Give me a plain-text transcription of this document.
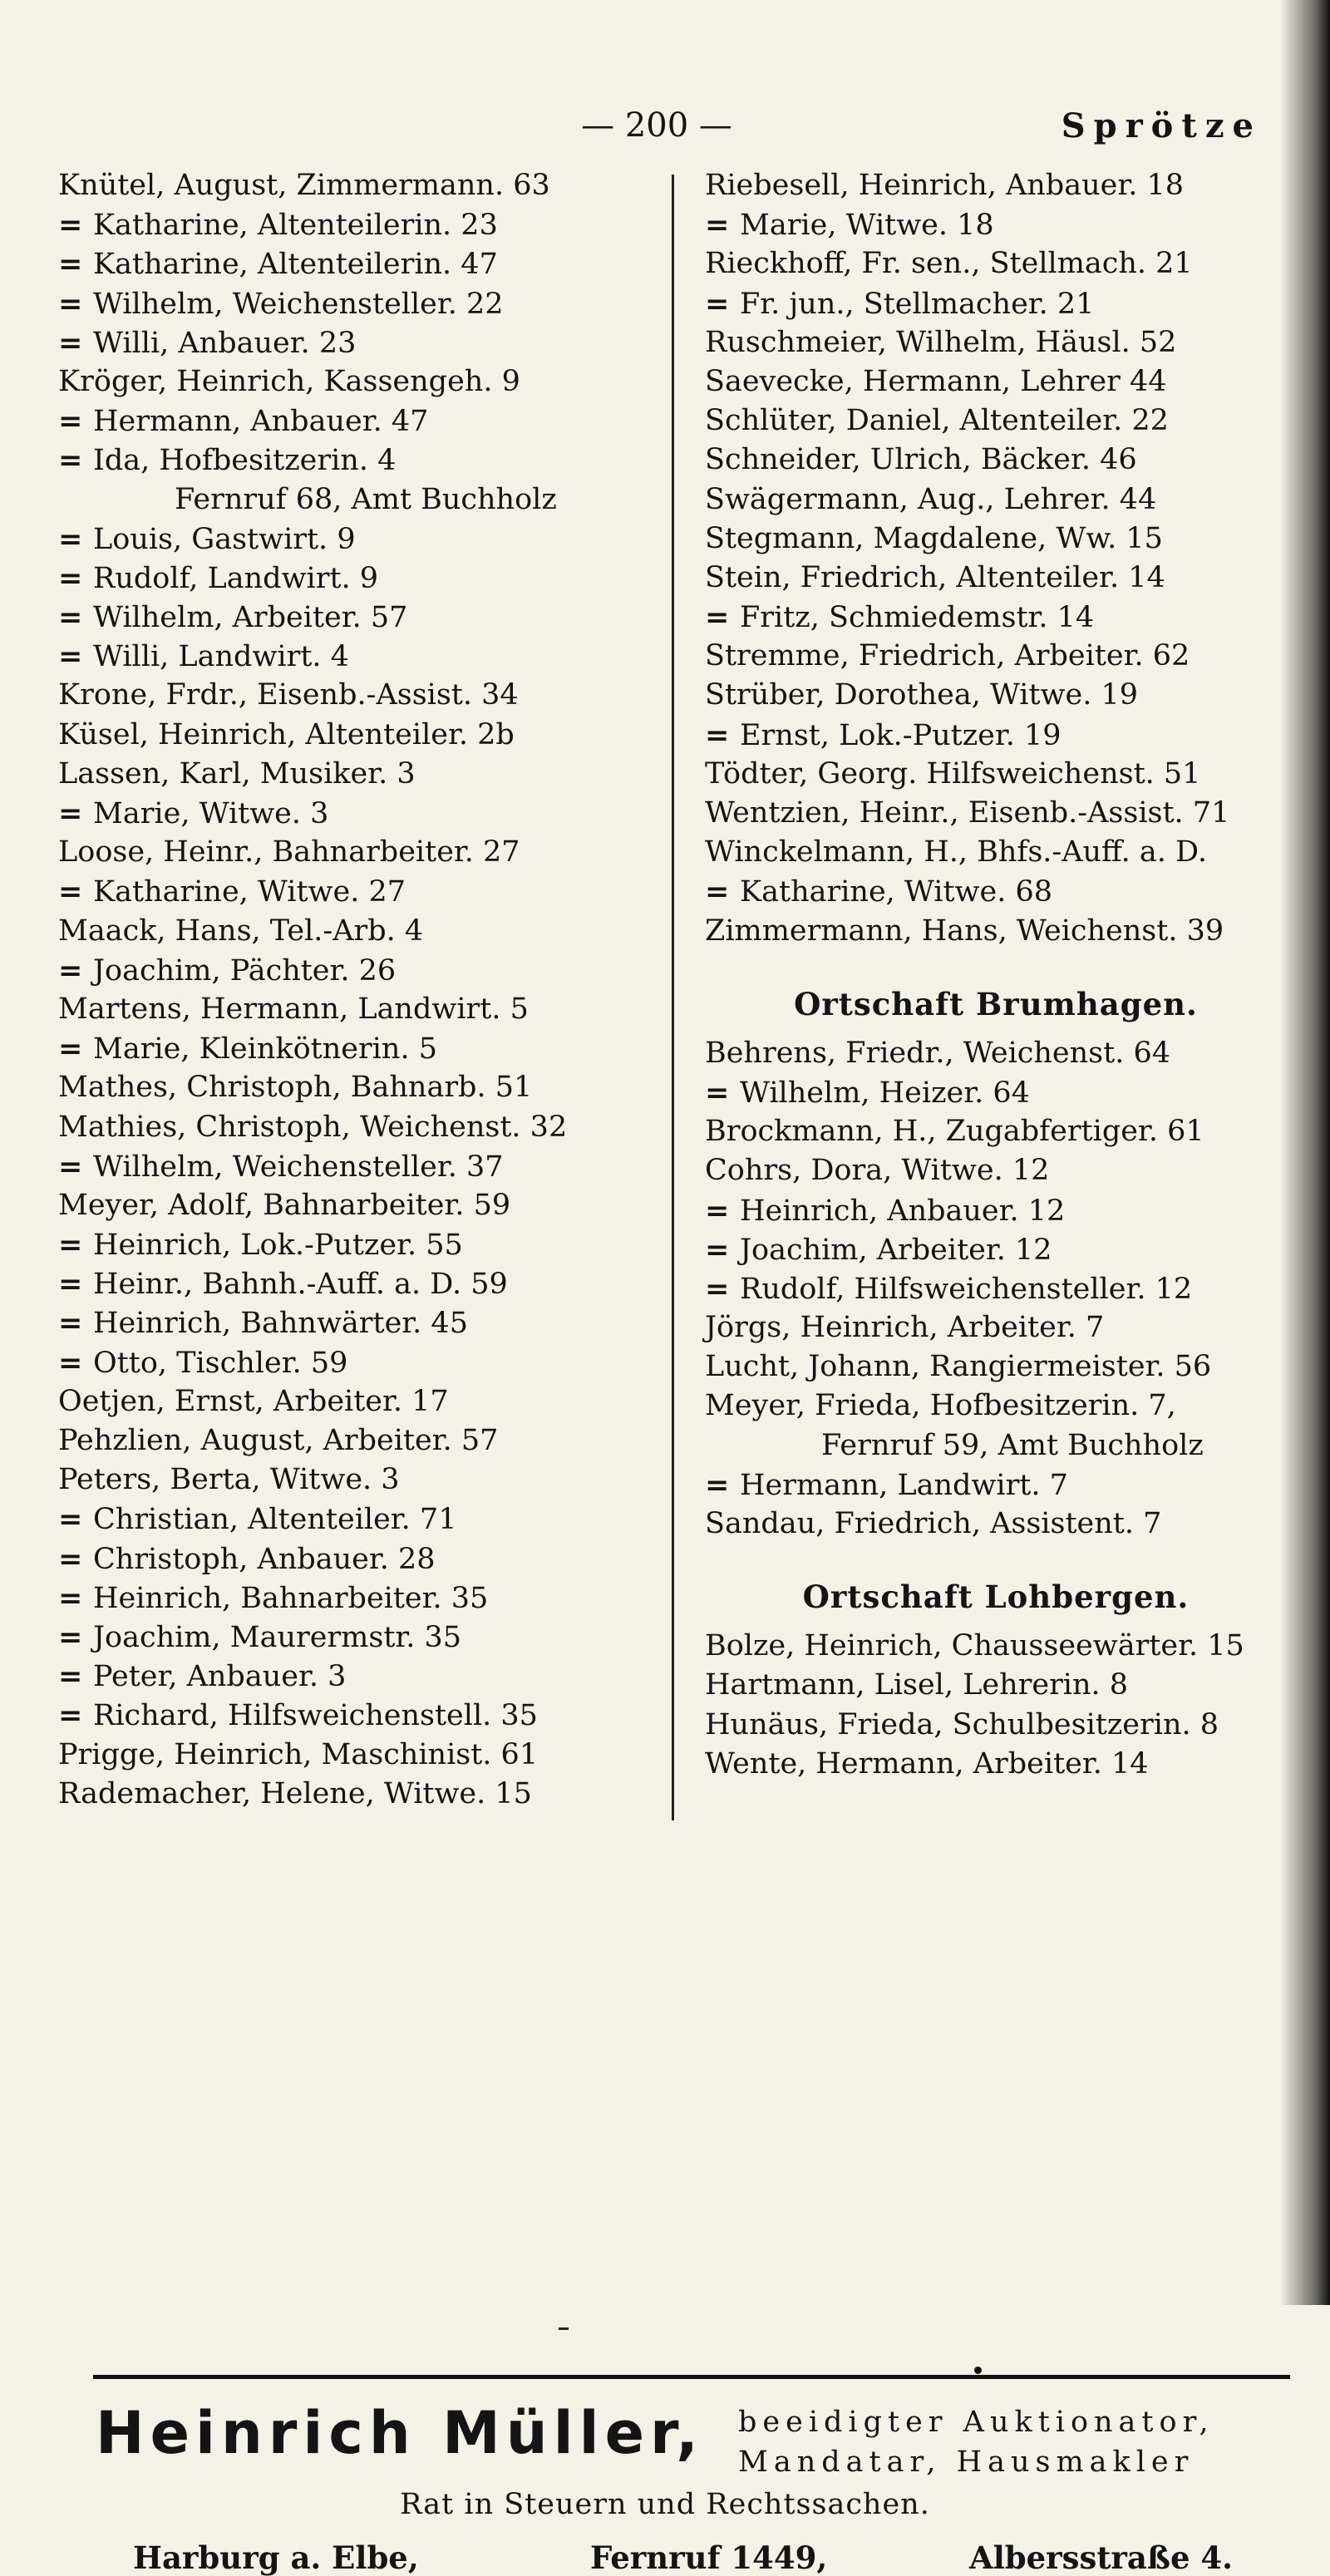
— 200 —	Sprötze
Knütel, August, Zimmermann. 63
= Katharine, Altenteilerin. 23
= Katharine, Altenteilerin. 47
= Wilhelm, Weichensteller. 22
= Willi, Anbauer. 23
Kröger, Heinrich, Kassengeh. 9
= Hermann, Anbauer. 47
= Ida, Hofbesitzerin. 4
Fernruf 68, Amt Buchholz
= Louis, Gastwirt. 9
= Rudolf, Landwirt. 9
= Wilhelm, Arbeiter. 57
= Willi, Landwirt. 4
Krone, Frdr., Eisenb.-Assist. 34
Küsel, Heinrich, Altenteiler. 2b
Lassen, Karl, Musiker. 3
= Marie, Witwe. 3
Loose, Heinr., Bahnarbeiter. 27
= Katharine, Witwe. 27
Maack, Hans, Tel.-Arb. 4
= Joachim, Pächter. 26
Martens, Hermann, Landwirt. 5
= Marie, Kleinkötnerin. 5
Mathes, Christoph, Bahnarb. 51
Mathies, Christoph, Weichenst. 32
= Wilhelm, Weichensteller. 37
Meyer, Adolf, Bahnarbeiter. 59
= Heinrich, Lok.-Putzer. 55
= Heinr., Bahnh.-Auff. a. D. 59
= Heinrich, Bahnwärter. 45
= Otto, Tischler. 59
Oetjen, Ernst, Arbeiter. 17
Pehzlien, August, Arbeiter. 57
Peters, Berta, Witwe. 3
= Christian, Altenteiler. 71
= Christoph, Anbauer. 28
= Heinrich, Bahnarbeiter. 35
= Joachim, Maurermstr. 35
= Peter, Anbauer. 3
= Richard, Hilfsweichenstell. 35
Prigge, Heinrich, Maschinist. 61
Rademacher, Helene, Witwe. 15
Riebesell, Heinrich, Anbauer. 18
= Marie, Witwe. 18
Rieckhoff, Fr. sen., Stellmach. 21
= Fr. jun., Stellmacher. 21
Ruschmeier, Wilhelm, Häusl. 52
Saevecke, Hermann, Lehrer 44
Schlüter, Daniel, Altenteiler. 22
Schneider, Ulrich, Bäcker. 46
Swägermann, Aug., Lehrer. 44
Stegmann, Magdalene, Ww. 15
Stein, Friedrich, Altenteiler. 14
= Fritz, Schmiedemstr. 14
Stremme, Friedrich, Arbeiter. 62
Strüber, Dorothea, Witwe. 19
= Ernst, Lok.-Putzer. 19
Tödter, Georg. Hilfsweichenst. 51
Wentzien, Heinr., Eisenb.-Assist. 71
Winckelmann, H., Bhfs.-Auff. a. D.
= Katharine, Witwe. 68
Zimmermann, Hans, Weichenst. 39
Ortschaft Brumhagen.
Behrens, Friedr., Weichenst. 64
= Wilhelm, Heizer. 64
Brockmann, H., Zugabfertiger. 61
Cohrs, Dora, Witwe. 12
= Heinrich, Anbauer. 12
= Joachim, Arbeiter. 12
= Rudolf, Hilfsweichensteller. 12
Jörgs, Heinrich, Arbeiter. 7
Lucht, Johann, Rangiermeister. 56
Meyer, Frieda, Hofbesitzerin. 7,
Fernruf 59, Amt Buchholz
= Hermann, Landwirt. 7
Sandau, Friedrich, Assistent. 7
Ortschaft Lohbergen.
Bolze, Heinrich, Chausseewärter. 15
Hartmann, Lisel, Lehrerin. 8
Hunäus, Frieda, Schulbesitzerin. 8
Wente, Hermann, Arbeiter. 14
Heinrich Müller, beeidigter Auktionator,
Mandatar, Hausmakler
Rat in Steuern und Rechtssachen.
Harburg a. Elbe,	Fernruf 1449,	Albersstraße 4.
